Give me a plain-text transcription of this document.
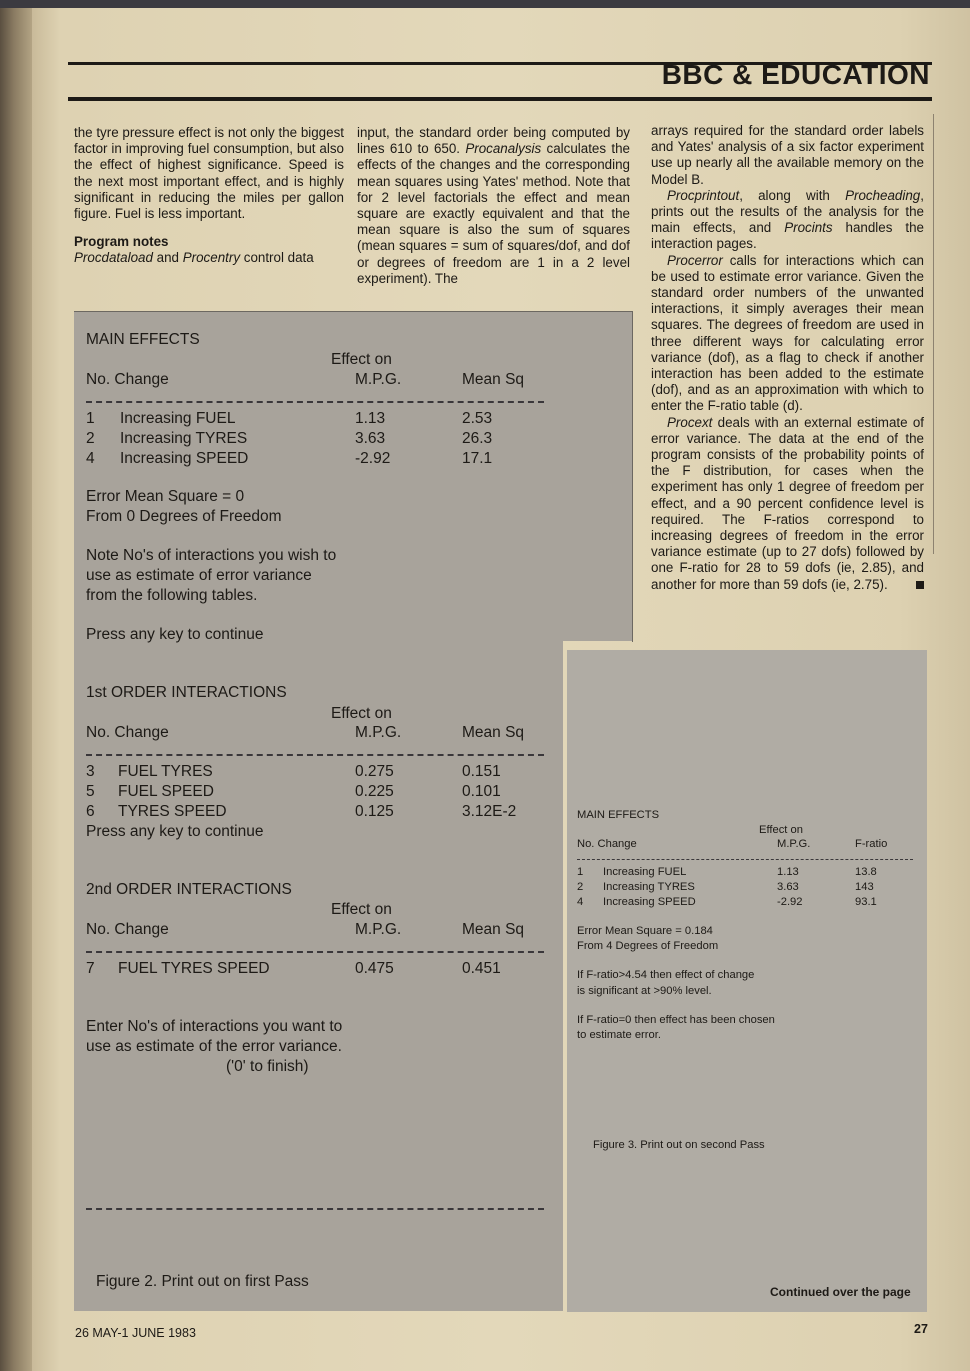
BBC & EDUCATION

the tyre pressure effect is not only the biggest factor in improving fuel consumption, but also the effect of highest significance. Speed is the next most important effect, and is highly significant in reducing the miles per gallon figure. Fuel is less important.

Program notes

Procdataload and Procentry control data

input, the standard order being computed by lines 610 to 650. Procanalysis calculates the effects of the changes and the corresponding mean squares using Yates' method. Note that for 2 level factorials the effect and mean square are exactly equivalent and that the mean square is also the sum of squares (mean squares = sum of squares/dof, and dof or degrees of freedom are 1 in a 2 level experiment). The

arrays required for the standard order labels and Yates' analysis of a six factor experiment use up nearly all the available memory on the Model B.

Procprintout, along with Procheading, prints out the results of the analysis for the main effects, and Procints handles the interaction pages.

Procerror calls for interactions which can be used to estimate error variance. Given the standard order numbers of the unwanted interactions, it simply averages their mean squares. The degrees of freedom are used in three different ways for calculating error variance (dof), as a flag to check if another interaction has been added to the estimate (dof), and as an approximation with which to enter the F-ratio table (d).

Procext deals with an external estimate of error variance. The data at the end of the program consists of the probability points of the F distribution, for cases when the experiment has only 1 degree of freedom per effect, and a 90 percent confidence level is required. The F-ratios correspond to increasing degrees of freedom in the error variance estimate (up to 27 dofs) followed by one F-ratio for 28 to 59 dofs (ie, 2.85), and another for more than 59 dofs (ie, 2.75).

MAIN EFFECTS
Effect on
No. Change	M.P.G.	Mean Sq
1 Increasing FUEL	1.13	2.53
2 Increasing TYRES	3.63	26.3
4 Increasing SPEED	-2.92	17.1
Error Mean Square = 0
From 0 Degrees of Freedom
Note No's of interactions you wish to
use as estimate of error variance
from the following tables.
Press any key to continue
1st ORDER INTERACTIONS
Effect on
No. Change	M.P.G.	Mean Sq
3 FUEL TYRES	0.275	0.151
5 FUEL SPEED	0.225	0.101
6 TYRES SPEED	0.125	3.12E-2
Press any key to continue
2nd ORDER INTERACTIONS
Effect on
No. Change	M.P.G.	Mean Sq
7 FUEL TYRES SPEED	0.475	0.451
Enter No's of interactions you want to
use as estimate of the error variance.
('0' to finish)
Figure 2. Print out on first Pass
MAIN EFFECTS
Effect on
No. Change	M.P.G.	F-ratio
1 Increasing FUEL	1.13	13.8
2 Increasing TYRES	3.63	143
4 Increasing SPEED	-2.92	93.1
Error Mean Square = 0.184
From 4 Degrees of Freedom
If F-ratio>4.54 then effect of change
is significant at >90% level.
If F-ratio=0 then effect has been chosen
to estimate error.
Figure 3. Print out on second Pass
Continued over the page
26 MAY-1 JUNE 1983	27
